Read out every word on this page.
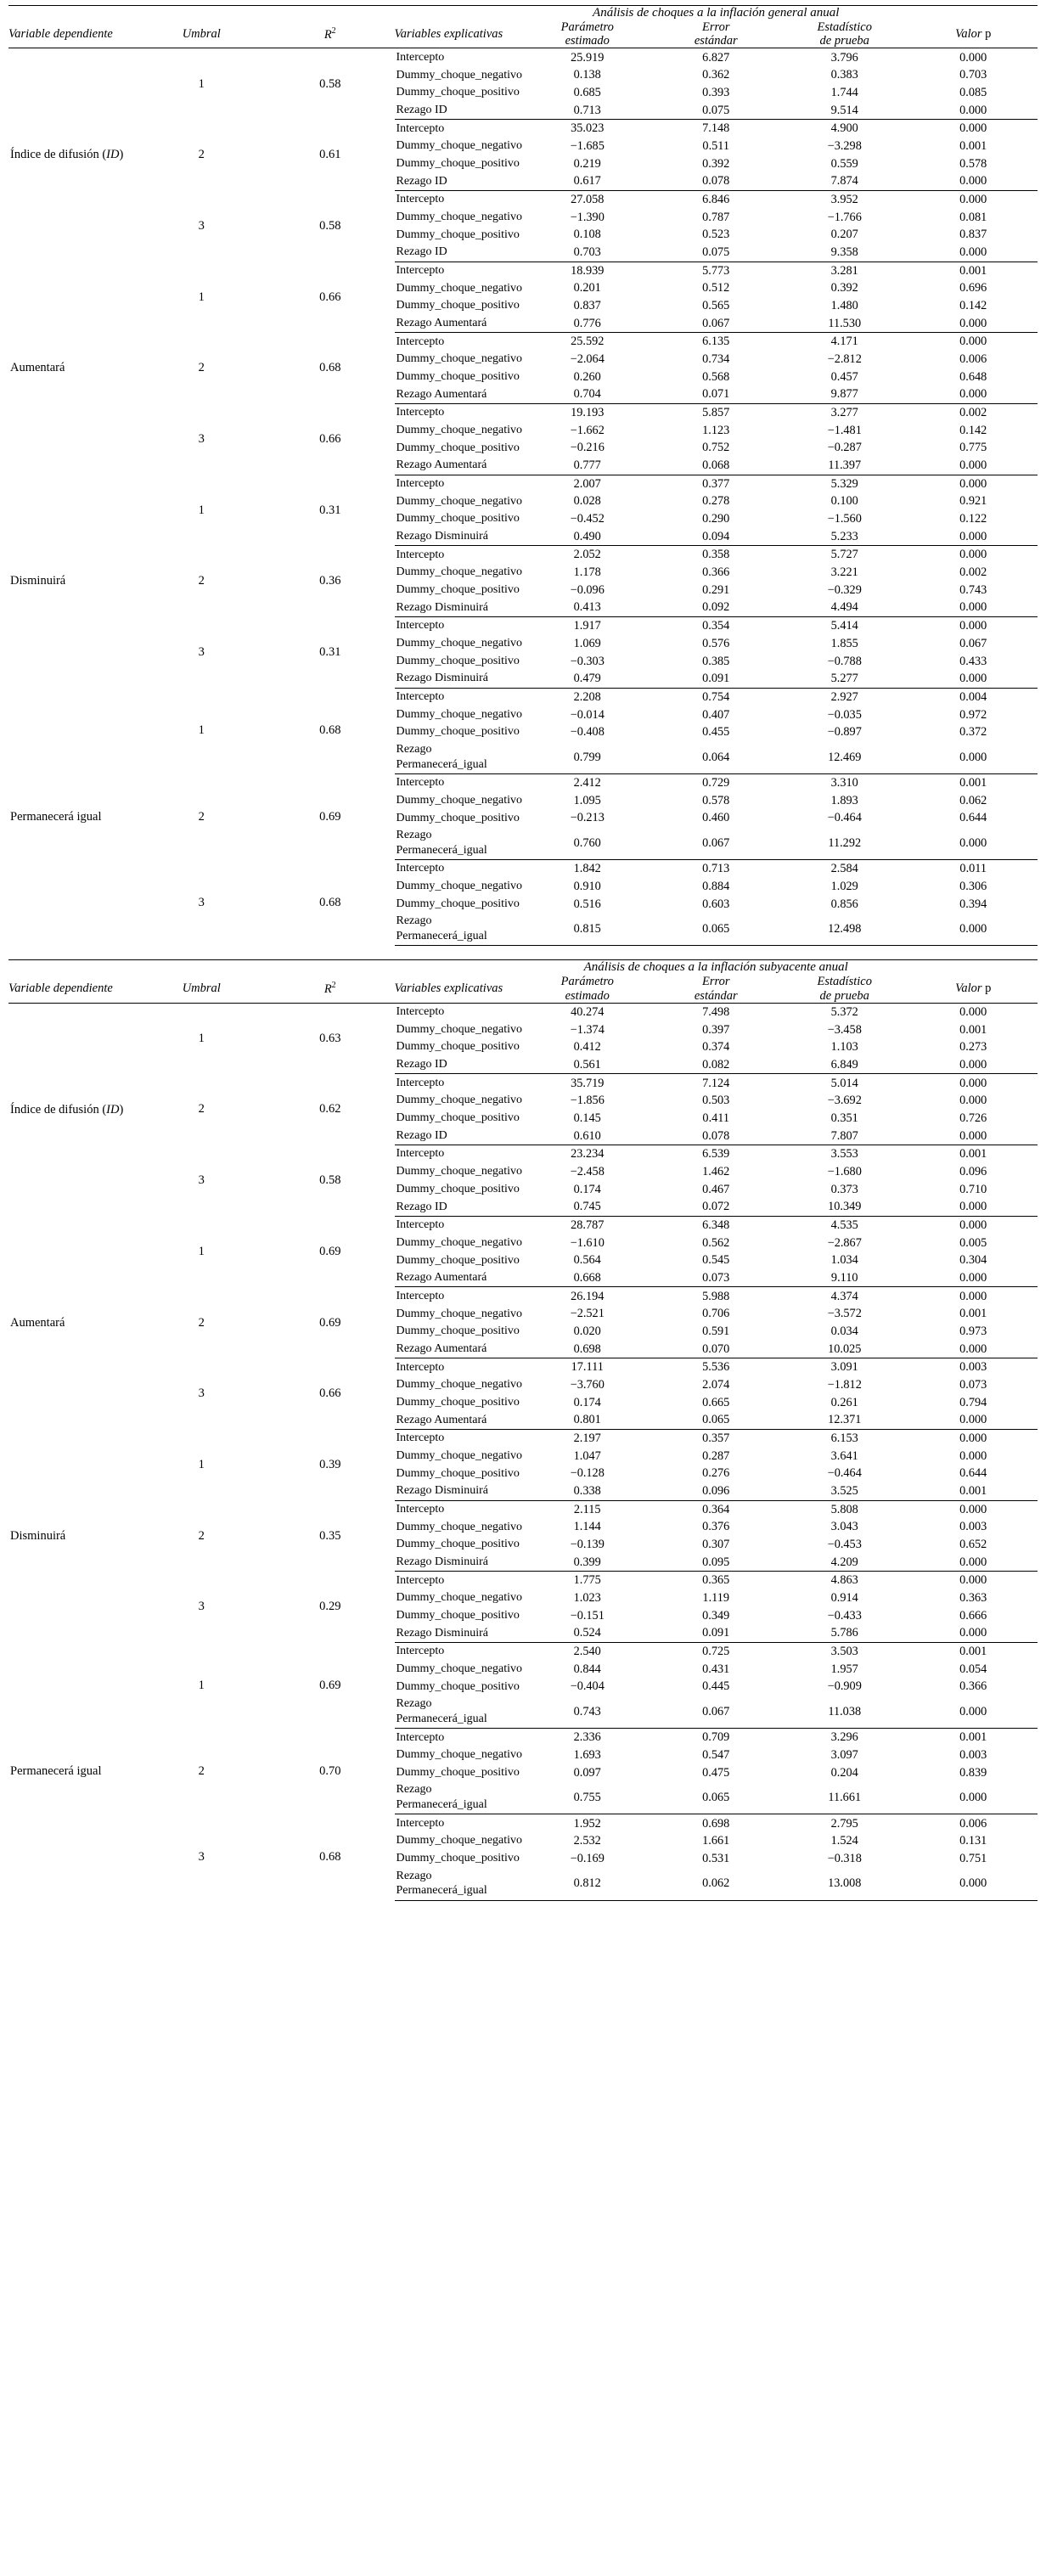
			Análisis de choques a la inflación general anual				
Variable dependiente	Umbral	$R^2$	Variables explicativas	Parámetro
estimado	Error
estándar	Estadístico
de prueba	Valor p
Índice de difusión (ID)	1	0.58	Intercepto	25.919	6.827	3.796	0.000
			Dummy_choque_negativo	0.138	0.362	0.383	0.703
			Dummy_choque_positivo	0.685	0.393	1.744	0.085
			Rezago ID	0.713	0.075	9.514	0.000
	2	0.61	Intercepto	35.023	7.148	4.900	0.000
			Dummy_choque_negativo	−1.685	0.511	−3.298	0.001
			Dummy_choque_positivo	0.219	0.392	0.559	0.578
			Rezago ID	0.617	0.078	7.874	0.000
	3	0.58	Intercepto	27.058	6.846	3.952	0.000
			Dummy_choque_negativo	−1.390	0.787	−1.766	0.081
			Dummy_choque_positivo	0.108	0.523	0.207	0.837
			Rezago ID	0.703	0.075	9.358	0.000
Aumentará	1	0.66	Intercepto	18.939	5.773	3.281	0.001
			Dummy_choque_negativo	0.201	0.512	0.392	0.696
			Dummy_choque_positivo	0.837	0.565	1.480	0.142
			Rezago Aumentará	0.776	0.067	11.530	0.000
	2	0.68	Intercepto	25.592	6.135	4.171	0.000
			Dummy_choque_negativo	−2.064	0.734	−2.812	0.006
			Dummy_choque_positivo	0.260	0.568	0.457	0.648
			Rezago Aumentará	0.704	0.071	9.877	0.000
	3	0.66	Intercepto	19.193	5.857	3.277	0.002
			Dummy_choque_negativo	−1.662	1.123	−1.481	0.142
			Dummy_choque_positivo	−0.216	0.752	−0.287	0.775
			Rezago Aumentará	0.777	0.068	11.397	0.000
Disminuirá	1	0.31	Intercepto	2.007	0.377	5.329	0.000
			Dummy_choque_negativo	0.028	0.278	0.100	0.921
			Dummy_choque_positivo	−0.452	0.290	−1.560	0.122
			Rezago Disminuirá	0.490	0.094	5.233	0.000
	2	0.36	Intercepto	2.052	0.358	5.727	0.000
			Dummy_choque_negativo	1.178	0.366	3.221	0.002
			Dummy_choque_positivo	−0.096	0.291	−0.329	0.743
			Rezago Disminuirá	0.413	0.092	4.494	0.000
	3	0.31	Intercepto	1.917	0.354	5.414	0.000
			Dummy_choque_negativo	1.069	0.576	1.855	0.067
			Dummy_choque_positivo	−0.303	0.385	−0.788	0.433
			Rezago Disminuirá	0.479	0.091	5.277	0.000
Permanecerá igual	1	0.68	Intercepto	2.208	0.754	2.927	0.004
			Dummy_choque_negativo	−0.014	0.407	−0.035	0.972
			Dummy_choque_positivo	−0.408	0.455	−0.897	0.372
			Rezago Permanecerá_igual	0.799	0.064	12.469	0.000
	2	0.69	Intercepto	2.412	0.729	3.310	0.001
			Dummy_choque_negativo	1.095	0.578	1.893	0.062
			Dummy_choque_positivo	−0.213	0.460	−0.464	0.644
			Rezago Permanecerá_igual	0.760	0.067	11.292	0.000
	3	0.68	Intercepto	1.842	0.713	2.584	0.011
			Dummy_choque_negativo	0.910	0.884	1.029	0.306
			Dummy_choque_positivo	0.516	0.603	0.856	0.394
			Rezago Permanecerá_igual	0.815	0.065	12.498	0.000
			Análisis de choques a la inflación subyacente anual				
Variable dependiente	Umbral	$R^2$	Variables explicativas	Parámetro
estimado	Error
estándar	Estadístico
de prueba	Valor p
Índice de difusión (ID)	1	0.63	Intercepto	40.274	7.498	5.372	0.000
			Dummy_choque_negativo	−1.374	0.397	−3.458	0.001
			Dummy_choque_positivo	0.412	0.374	1.103	0.273
			Rezago ID	0.561	0.082	6.849	0.000
	2	0.62	Intercepto	35.719	7.124	5.014	0.000
			Dummy_choque_negativo	−1.856	0.503	−3.692	0.000
			Dummy_choque_positivo	0.145	0.411	0.351	0.726
			Rezago ID	0.610	0.078	7.807	0.000
	3	0.58	Intercepto	23.234	6.539	3.553	0.001
			Dummy_choque_negativo	−2.458	1.462	−1.680	0.096
			Dummy_choque_positivo	0.174	0.467	0.373	0.710
			Rezago ID	0.745	0.072	10.349	0.000
Aumentará	1	0.69	Intercepto	28.787	6.348	4.535	0.000
			Dummy_choque_negativo	−1.610	0.562	−2.867	0.005
			Dummy_choque_positivo	0.564	0.545	1.034	0.304
			Rezago Aumentará	0.668	0.073	9.110	0.000
	2	0.69	Intercepto	26.194	5.988	4.374	0.000
			Dummy_choque_negativo	−2.521	0.706	−3.572	0.001
			Dummy_choque_positivo	0.020	0.591	0.034	0.973
			Rezago Aumentará	0.698	0.070	10.025	0.000
	3	0.66	Intercepto	17.111	5.536	3.091	0.003
			Dummy_choque_negativo	−3.760	2.074	−1.812	0.073
			Dummy_choque_positivo	0.174	0.665	0.261	0.794
			Rezago Aumentará	0.801	0.065	12.371	0.000
Disminuirá	1	0.39	Intercepto	2.197	0.357	6.153	0.000
			Dummy_choque_negativo	1.047	0.287	3.641	0.000
			Dummy_choque_positivo	−0.128	0.276	−0.464	0.644
			Rezago Disminuirá	0.338	0.096	3.525	0.001
	2	0.35	Intercepto	2.115	0.364	5.808	0.000
			Dummy_choque_negativo	1.144	0.376	3.043	0.003
			Dummy_choque_positivo	−0.139	0.307	−0.453	0.652
			Rezago Disminuirá	0.399	0.095	4.209	0.000
	3	0.29	Intercepto	1.775	0.365	4.863	0.000
			Dummy_choque_negativo	1.023	1.119	0.914	0.363
			Dummy_choque_positivo	−0.151	0.349	−0.433	0.666
			Rezago Disminuirá	0.524	0.091	5.786	0.000
Permanecerá igual	1	0.69	Intercepto	2.540	0.725	3.503	0.001
			Dummy_choque_negativo	0.844	0.431	1.957	0.054
			Dummy_choque_positivo	−0.404	0.445	−0.909	0.366
			Rezago Permanecerá_igual	0.743	0.067	11.038	0.000
	2	0.70	Intercepto	2.336	0.709	3.296	0.001
			Dummy_choque_negativo	1.693	0.547	3.097	0.003
			Dummy_choque_positivo	0.097	0.475	0.204	0.839
			Rezago Permanecerá_igual	0.755	0.065	11.661	0.000
	3	0.68	Intercepto	1.952	0.698	2.795	0.006
			Dummy_choque_negativo	2.532	1.661	1.524	0.131
			Dummy_choque_positivo	−0.169	0.531	−0.318	0.751
			Rezago Permanecerá_igual	0.812	0.062	13.008	0.000
